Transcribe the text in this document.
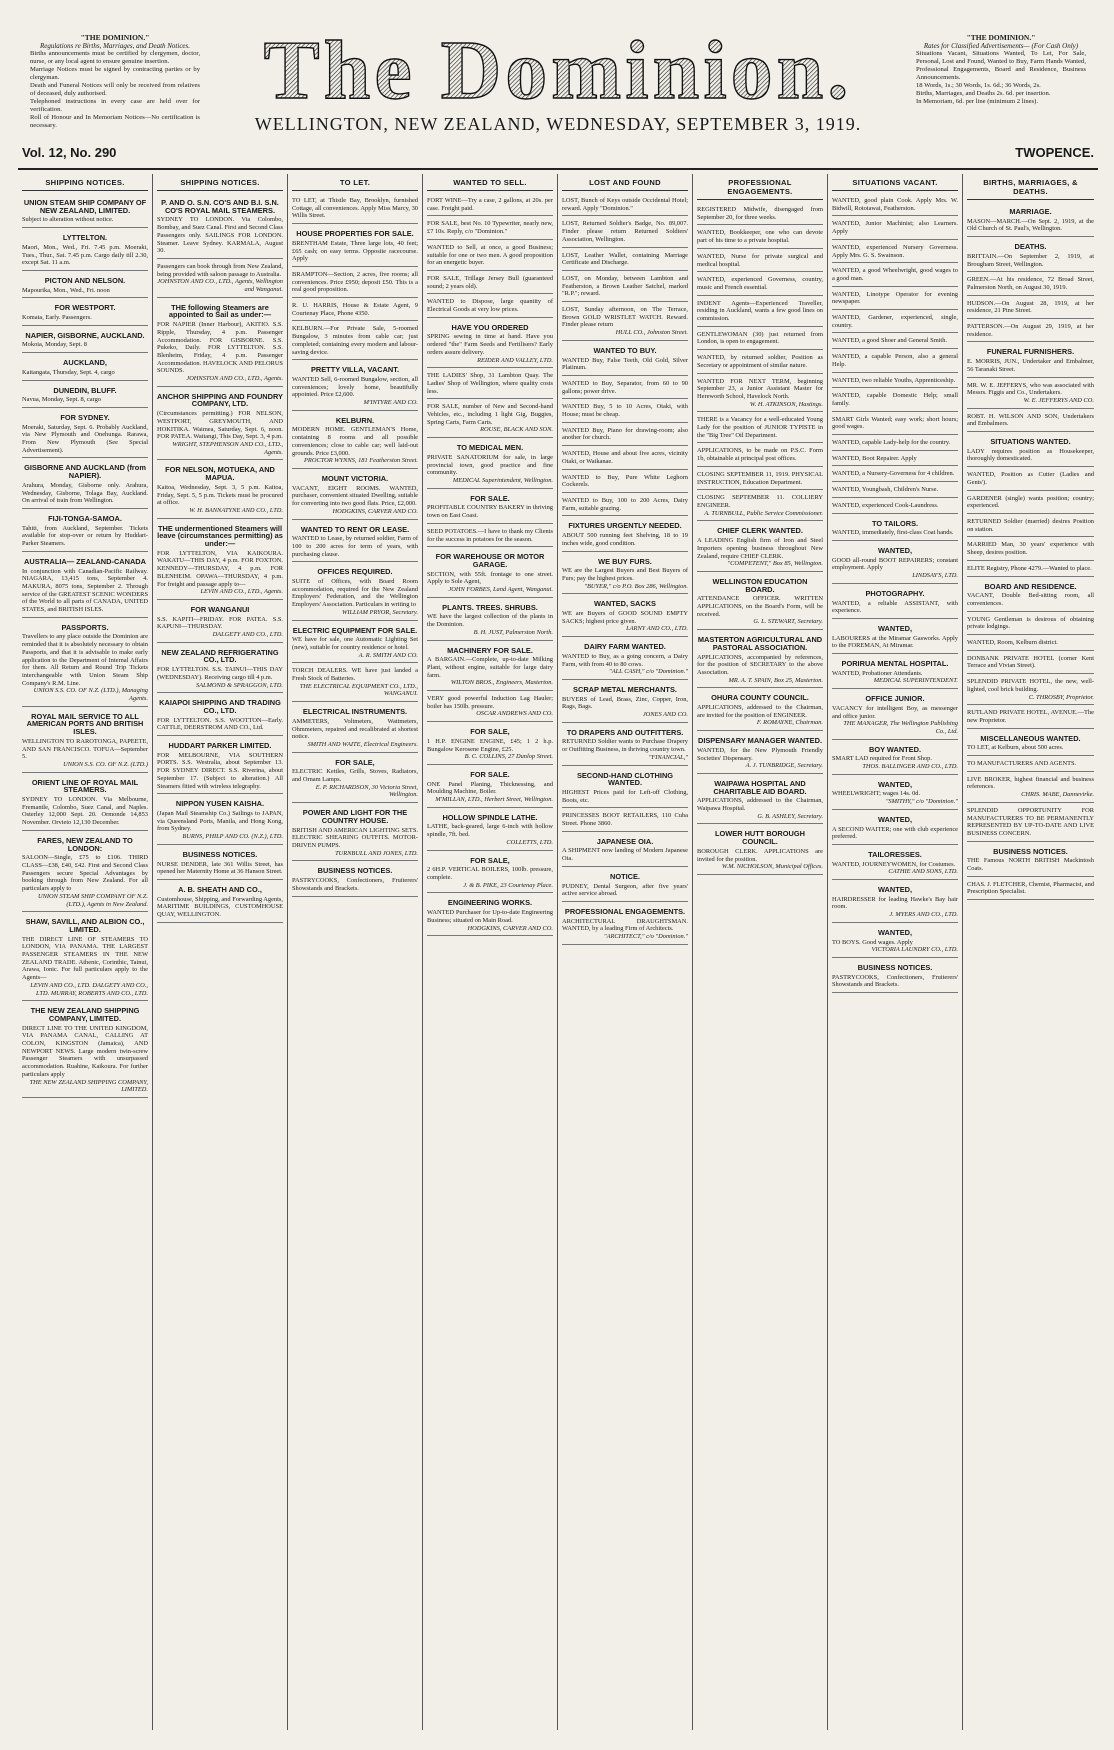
"THE DOMINION."
Regulations re Births, Marriages, and Death Notices.
Births announcements must be certified by clergymen, doctor, nurse, or any local agent to ensure genuine insertion.
Marriage Notices must be signed by contracting parties or by clergyman.
Death and Funeral Notices will only be received from relatives of deceased, duly authorised.
Telephoned instructions in every case are held over for verification.
Roll of Honour and In Memoriam Notices—No certification is necessary.
The Dominion.	"THE DOMINION."
Rates for Classified Advertisements— (For Cash Only)
Situations Vacant, Situations Wanted, To Let, For Sale, Personal, Lost and Found, Wanted to Buy, Farm Hands Wanted, Professional Engagements, Board and Residence, Business Announcements.
18 Words, 1s.; 30 Words, 1s. 6d.; 36 Words, 2s.
Births, Marriages, and Deaths 2s. 6d. per insertion.
In Memoriam, 6d. per line (minimum 2 lines).
WELLINGTON, NEW ZEALAND, WEDNESDAY, SEPTEMBER 3, 1919.
Vol. 12, No. 290	TWOPENCE.
SHIPPING NOTICES.
UNION STEAM SHIP COMPANY OF NEW ZEALAND, LIMITED.
Subject to alteration without notice.
LYTTELTON.
Maori, Mon., Wed., Fri. 7.45 p.m. Moeraki, Tues., Thur., Sat. 7.45 p.m. Cargo daily till 2.30, except Sat. 11 a.m.
PICTON AND NELSON.
Mapourika, Mon., Wed., Fri. noon
FOR WESTPORT.
Komata, Early. Passengers.
NAPIER, GISBORNE, AUCKLAND.
Mokoia, Monday, Sept. 8
AUCKLAND,
Kaitangata, Thursday, Sept. 4, cargo
DUNEDIN, BLUFF.
Navua, Monday, Sept. 8, cargo
FOR SYDNEY.
Moeraki, Saturday, Sept. 6. Probably Auckland, via New Plymouth and Onehunga. Rarawa, From New Plymouth (See Special Advertisement).
GISBORNE AND AUCKLAND (from NAPIER).
Arahura, Monday, Gisborne only. Arahura, Wednesday, Gisborne, Tolaga Bay, Auckland. On arrival of train from Wellington.
FIJI-TONGA-SAMOA.
Tahiti, from Auckland, September. Tickets available for stop-over or return by Huddart-Parker Steamers.
AUSTRALIA— ZEALAND-CANADA
In conjunction with Canadian-Pacific Railway. NIAGARA, 13,415 tons, September 4. MAKURA, 8075 tons, September 2. Through service of the GREATEST SCENIC WONDERS of the World to all parts of CANADA, UNITED STATES, and BRITISH ISLES.
PASSPORTS.
Travellers to any place outside the Dominion are reminded that it is absolutely necessary to obtain Passports, and that it is advisable to make early application to the Department of Internal Affairs for them. All Return and Round Trip Tickets interchangeable with Union Steam Ship Company's R.M. Line.
UNION S.S. CO. OF N.Z. (LTD.), Managing Agents.
ROYAL MAIL SERVICE TO ALL AMERICAN PORTS AND BRITISH ISLES.
WELLINGTON TO RAROTONGA, PAPEETE, AND SAN FRANCISCO. TOFUA—September 5.
UNION S.S. CO. OF N.Z. (LTD.)
ORIENT LINE OF ROYAL MAIL STEAMERS.
SYDNEY TO LONDON. Via Melbourne, Fremantle, Colombo, Suez Canal, and Naples. Osterley 12,000 Sept. 20. Ormonde 14,853 November. Orvieto 12,130 December.
FARES, NEW ZEALAND TO LONDON:
SALOON—Single, £75 to £106. THIRD CLASS—£38, £40, £42. First and Second Class Passengers secure Special Advantages by booking through from New Zealand. For all particulars apply to
UNION STEAM SHIP COMPANY OF N.Z. (LTD.), Agents in New Zealand.
SHAW, SAVILL, AND ALBION CO., LIMITED.
THE DIRECT LINE OF STEAMERS TO LONDON, VIA PANAMA. THE LARGEST PASSENGER STEAMERS IN THE NEW ZEALAND TRADE. Athenic, Corinthic, Tainui, Arawa, Ionic. For full particulars apply to the Agents—
LEVIN AND CO., LTD. DALGETY AND CO., LTD. MURRAY, ROBERTS AND CO., LTD.
THE NEW ZEALAND SHIPPING COMPANY, LIMITED.
DIRECT LINE TO THE UNITED KINGDOM, VIA PANAMA CANAL, CALLING AT COLON, KINGSTON (Jamaica), AND NEWPORT NEWS. Large modern twin-screw Passenger Steamers with unsurpassed accommodation. Ruahine, Kaikoura. For further particulars apply
THE NEW ZEALAND SHIPPING COMPANY, LIMITED.
SHIPPING NOTICES.
P. AND O. S.N. CO'S AND B.I. S.N. CO'S ROYAL MAIL STEAMERS.
SYDNEY TO LONDON. Via Colombo, Bombay, and Suez Canal. First and Second Class Passengers only. SAILINGS FOR LONDON. Steamer. Leave Sydney. KARMALA, August 30.
Passengers can book through from New Zealand, being provided with saloon passage to Australia.
JOHNSTON AND CO., LTD., Agents, Wellington and Wanganui.
THE following Steamers are appointed to Sail as under:—
FOR NAPIER (Inner Harbour), AKITIO. S.S. Ripple, Thursday, 4 p.m. Passenger Accommodation. FOR GISBORNE. S.S. Pukeko, Daily. FOR LYTTELTON. S.S. Blenheim, Friday, 4 p.m. Passenger Accommodation. HAVELOCK AND PELORUS SOUNDS.
JOHNSTON AND CO., LTD., Agents.
ANCHOR SHIPPING AND FOUNDRY COMPANY, LTD.
(Circumstances permitting.) FOR NELSON, WESTPORT, GREYMOUTH, AND HOKITIKA. Waimea, Saturday, Sept. 6, noon. FOR PATEA. Waitangi, This Day, Sept. 3, 4 p.m.
WRIGHT, STEPHENSON AND CO., LTD., Agents.
FOR NELSON, MOTUEKA, AND MAPUA.
Kaitoa, Wednesday, Sept. 3, 5 p.m. Kaitoa, Friday, Sept. 5, 5 p.m. Tickets must be procured at office.
W. H. BANNATYNE AND CO., LTD.
THE undermentioned Steamers will leave (circumstances permitting) as under:—
FOR LYTTELTON, VIA KAIKOURA. WAKATU—THIS DAY, 4 p.m. FOR FOXTON. KENNEDY—THURSDAY, 4 p.m. FOR BLENHEIM. OPAWA—THURSDAY, 4 p.m. For freight and passage apply to—
LEVIN AND CO., LTD., Agents.
FOR WANGANUI
S.S. KAPITI—FRIDAY. FOR PATEA. S.S. KAPUNI—THURSDAY.
DALGETY AND CO., LTD.
NEW ZEALAND REFRIGERATING CO., LTD.
FOR LYTTELTON. S.S. TAINUI—THIS DAY (WEDNESDAY). Receiving cargo till 4 p.m.
SALMOND & SPRAGGON, LTD.
KAIAPOI SHIPPING AND TRADING CO., LTD.
FOR LYTTELTON. S.S. WOOTTON—Early. CATTLE, DEERSTROM AND CO., Ltd.
HUDDART PARKER LIMITED.
FOR MELBOURNE, VIA SOUTHERN PORTS. S.S. Westralia, about September 13. FOR SYDNEY DIRECT. S.S. Riverina, about September 17. (Subject to alteration.) All Steamers fitted with wireless telegraphy.
NIPPON YUSEN KAISHA.
(Japan Mail Steamship Co.) Sailings to JAPAN, via Queensland Ports, Manila, and Hong Kong, from Sydney.
BURNS, PHILP AND CO. (N.Z.), LTD.
BUSINESS NOTICES.
NURSE DENDER, late 361 Willis Street, has opened her Maternity Home at 36 Hanson Street.
A. B. SHEATH AND CO.,
Customhouse, Shipping, and Forwarding Agents, MARITIME BUILDINGS, CUSTOMHOUSE QUAY, WELLINGTON.
TO LET.
TO LET, at Thistle Bay, Brooklyn, furnished Cottage, all conveniences. Apply Miss Marcy, 30 Willis Street.
HOUSE PROPERTIES FOR SALE.
BRENTHAM Estate, Three large lots, 40 feet; £65 cash; on easy terms. Opposite racecourse. Apply
BRAMPTON—Section, 2 acres, five rooms; all conveniences. Price £950; deposit £50. This is a real good proposition.
R. U. HARRIS, House & Estate Agent, 9 Courtenay Place, Phone 4350.
KELBURN.—For Private Sale, 5-roomed Bungalow, 3 minutes from cable car; just completed; containing every modern and labour-saving device.
PRETTY VILLA, VACANT.
WANTED Sell, 6-roomed Bungalow, section, all conveniences; lovely home, beautifully appointed. Price £2,600.
M'INTYRE AND CO.
KELBURN.
MODERN HOME. GENTLEMAN'S Home, containing 8 rooms and all possible conveniences; close to cable car; well laid-out grounds. Price £3,000.
PROCTOR WYNNS, 181 Featherston Street.
MOUNT VICTORIA.
VACANT, EIGHT ROOMS. WANTED, purchaser, convenient situated Dwelling, suitable for converting into two good flats. Price, £2,000.
HODGKINS, CARVER AND CO.
WANTED TO RENT OR LEASE.
WANTED to Lease, by returned soldier, Farm of 100 to 200 acres for term of years, with purchasing clause.
OFFICES REQUIRED.
SUITE of Offices, with Board Room accommodation, required for the New Zealand Employers' Federation, and the Wellington Employers' Association. Particulars in writing to
WILLIAM PRYOR, Secretary.
ELECTRIC EQUIPMENT FOR SALE.
WE have for sale, one Automatic Lighting Set (new), suitable for country residence or hotel.
A. R. SMITH AND CO.
TORCH DEALERS. WE have just landed a Fresh Stock of Batteries.
THE ELECTRICAL EQUIPMENT CO., LTD., WANGANUI.
ELECTRICAL INSTRUMENTS.
AMMETERS, Voltmeters, Wattmeters, Ohmmeters, repaired and recalibrated at shortest notice.
SMITH AND WAITE, Electrical Engineers.
FOR SALE,
ELECTRIC Kettles, Grills, Stoves, Radiators, and Ornam Lamps.
E. P. RICHARDSON, 30 Victoria Street, Wellington.
POWER AND LIGHT FOR THE COUNTRY HOUSE.
BRITISH AND AMERICAN LIGHTING SETS. ELECTRIC SHEARING OUTFITS. MOTOR-DRIVEN PUMPS.
TURNBULL AND JONES, LTD.
BUSINESS NOTICES.
PASTRYCOOKS, Confectioners, Fruiterers' Showstands and Brackets.
WANTED TO SELL.
FORT WINE—Try a case, 2 gallons, at 20s. per case. Freight paid.
FOR SALE, best No. 10 Typewriter, nearly new, £7 10s. Reply, c/o "Dominion."
WANTED to Sell, at once, a good Business; suitable for one or two men. A good proposition for an energetic buyer.
FOR SALE, Trillage Jersey Bull (guaranteed sound; 2 years old).
WANTED to Dispose, large quantity of Electrical Goods at very low prices.
HAVE YOU ORDERED
SPRING sewing in time at hand. Have you ordered "the" Farm Seeds and Fertilisers? Early orders assure delivery.
REIDER AND VALLEY, LTD.
THE LADIES' Shop, 31 Lambton Quay. The Ladies' Shop of Wellington, where quality costs less.
FOR SALE, number of New and Second-hand Vehicles, etc., including 1 light Gig, Buggies, Spring Carts, Farm Carts.
ROUSE, BLACK AND SON.
TO MEDICAL MEN.
PRIVATE SANATORIUM for sale, in large provincial town, good practice and fine community.
MEDICAL Superintendent, Wellington.
FOR SALE.
PROFITABLE COUNTRY BAKERY in thriving town on East Coast.
SEED POTATOES.—I have to thank my Clients for the success in potatoes for the season.
FOR WAREHOUSE OR MOTOR GARAGE.
SECTION, with 55ft. frontage to one street. Apply to Sole Agent,
JOHN FORBES, Land Agent, Wanganui.
PLANTS. TREES. SHRUBS.
WE have the largest collection of the plants in the Dominion.
B. H. JUST, Palmerston North.
MACHINERY FOR SALE.
A BARGAIN.—Complete, up-to-date Milking Plant, without engine, suitable for large dairy farm.
WILTON BROS., Engineers, Masterton.
VERY good powerful Induction Lag Hauler; boiler has 150lb. pressure.
OSCAR ANDREWS AND CO.
FOR SALE,
1 H.P. ENGINE ENGINE, £45; 1 2 h.p. Bungalow Kerosene Engine, £25.
B. C. COLLINS, 27 Dunlop Street.
FOR SALE.
ONE Panel Planing, Thicknessing, and Moulding Machine, Boiler.
M'MILLAN, LTD., Herbert Street, Wellington.
HOLLOW SPINDLE LATHE.
LATHE, back-geared, large 6-inch with hollow spindle, 7ft. bed.
COLLETTS, LTD.
FOR SALE,
2 6H.P. VERTICAL BOILERS, 100lb. pressure, complete.
J. & B. PIKE, 23 Courtenay Place.
ENGINEERING WORKS.
WANTED Purchaser for Up-to-date Engineering Business; situated on Main Road.
HODGKINS, CARVER AND CO.
LOST AND FOUND
LOST, Bunch of Keys outside Occidental Hotel; reward. Apply "Dominion."
LOST, Returned Soldier's Badge, No. 89,007. Finder please return Returned Soldiers' Association, Wellington.
LOST, Leather Wallet, containing Marriage Certificate and Discharge.
LOST, on Monday, between Lambton and Featherston, a Brown Leather Satchel, marked "R.P."; reward.
LOST, Sunday afternoon, on The Terrace, Brown GOLD WRISTLET WATCH. Reward. Finder please return
HULL CO., Johnston Street.
WANTED TO BUY.
WANTED Buy, False Teeth, Old Gold, Silver Platinum.
WANTED to Buy, Separator, from 60 to 90 gallons; power drive.
WANTED Buy, 5 to 10 Acres, Otaki, with House; must be cheap.
WANTED Buy, Piano for drawing-room; also another for church.
WANTED, House and about five acres, vicinity Otaki, or Waikanae.
WANTED to Buy, Pure White Leghorn Cockerels.
WANTED to Buy, 100 to 200 Acres, Dairy Farm, suitable grazing.
FIXTURES URGENTLY NEEDED.
ABOUT 500 running feet Shelving, 18 to 19 inches wide, good condition.
WE BUY FURS.
WE are the Largest Buyers and Best Buyers of Furs; pay the highest prices.
"BUYER," c/o P.O. Box 286, Wellington.
WANTED, SACKS
WE are Buyers of GOOD SOUND EMPTY SACKS; highest price given.
LARNY AND CO., LTD.
DAIRY FARM WANTED.
WANTED to Buy, as a going concern, a Dairy Farm, with from 40 to 80 cows.
"ALL CASH," c/o "Dominion."
SCRAP METAL MERCHANTS.
BUYERS of Lead, Brass, Zinc, Copper, Iron, Rags, Bags.
JONES AND CO.
TO DRAPERS AND OUTFITTERS.
RETURNED Soldier wants to Purchase Drapery or Outfitting Business, in thriving country town.
"FINANCIAL,"
SECOND-HAND CLOTHING WANTED.
HIGHEST Prices paid for Left-off Clothing, Boots, etc.
PRINCESSES BOOT RETAILERS, 110 Cuba Street. Phone 3860.
JAPANESE OIA.
A SHIPMENT now landing of Modern Japanese Oia.
NOTICE.
PUDNEY, Dental Surgeon, after five years' active service abroad.
PROFESSIONAL ENGAGEMENTS.
ARCHITECTURAL DRAUGHTSMAN. WANTED, by a leading Firm of Architects.
"ARCHITECT," c/o "Dominion."
PROFESSIONAL ENGAGEMENTS.
REGISTERED Midwife, disengaged from September 20, for three weeks.
WANTED, Bookkeeper, one who can devote part of his time to a private hospital.
WANTED, Nurse for private surgical and medical hospital.
WANTED, experienced Governess, country, music and French essential.
INDENT Agents—Experienced Traveller, residing in Auckland, wants a few good lines on commission.
GENTLEWOMAN (30) just returned from London, is open to engagement.
WANTED, by returned soldier, Position as Secretary or appointment of similar nature.
WANTED FOR NEXT TERM, beginning September 23, a Junior Assistant Master for Hereworth School, Havelock North.
W. H. ATKINSON, Hastings.
THERE is a Vacancy for a well-educated Young Lady for the position of JUNIOR TYPISTE in the "Big Tree" Oil Department.
APPLICATIONS, to be made on P.S.C. Form 1b, obtainable at principal post offices.
CLOSING SEPTEMBER 11, 1919. PHYSICAL INSTRUCTION, Education Department.
CLOSING SEPTEMBER 11. COLLIERY ENGINEER.
A. TURNBULL, Public Service Commissioner.
CHIEF CLERK WANTED.
A LEADING English firm of Iron and Steel Importers opening business throughout New Zealand, require CHIEF CLERK.
"COMPETENT," Box 85, Wellington.
WELLINGTON EDUCATION BOARD.
ATTENDANCE OFFICER. WRITTEN APPLICATIONS, on the Board's Form, will be received.
G. L. STEWART, Secretary.
MASTERTON AGRICULTURAL AND PASTORAL ASSOCIATION.
APPLICATIONS, accompanied by references, for the position of SECRETARY to the above Association.
MR. A. T. SPAIN, Box 25, Masterton.
OHURA COUNTY COUNCIL.
APPLICATIONS, addressed to the Chairman, are invited for the position of ENGINEER.
F. ROMAYNE, Chairman.
DISPENSARY MANAGER WANTED.
WANTED, for the New Plymouth Friendly Societies' Dispensary.
A. J. TUNBRIDGE, Secretary.
WAIPAWA HOSPITAL AND CHARITABLE AID BOARD.
APPLICATIONS, addressed to the Chairman, Waipawa Hospital.
G. B. ASHLEY, Secretary.
LOWER HUTT BOROUGH COUNCIL.
BOROUGH CLERK. APPLICATIONS are invited for the position.
W.M. NICHOLSON, Municipal Offices.
SITUATIONS VACANT.
WANTED, good plain Cook. Apply Mrs. W. Bidwill, Rototawai, Featherston.
WANTED, Junior Machinist; also Learners. Apply
WANTED, experienced Nursery Governess. Apply Mrs. G. S. Swainson.
WANTED, a good Wheelwright, good wages to a good man.
WANTED, Linotype Operator for evening newspaper.
WANTED, Gardener, experienced, single, country.
WANTED, a good Shoer and General Smith.
WANTED, a capable Person, also a general Help.
WANTED, two reliable Youths, Apprenticeship.
WANTED, capable Domestic Help; small family.
SMART Girls Wanted; easy work; short hours; good wages.
WANTED, capable Lady-help for the country.
WANTED, Boot Repairer. Apply
WANTED, a Nursery-Governess for 4 children.
WANTED, Youngbash, Children's Nurse.
WANTED, experienced Cook-Laundress.
TO TAILORS.
WANTED, immediately, first-class Coat hands.
WANTED,
GOOD all-round BOOT REPAIRERS; constant employment. Apply
LINDSAY'S, LTD.
PHOTOGRAPHY.
WANTED, a reliable ASSISTANT, with experience.
WANTED,
LABOURERS at the Miramar Gasworks. Apply to the FOREMAN, At Miramar.
PORIRUA MENTAL HOSPITAL.
WANTED, Probationer Attendants.
MEDICAL SUPERINTENDENT.
OFFICE JUNIOR.
VACANCY for intelligent Boy, as messenger and office junior.
THE MANAGER, The Wellington Publishing Co., Ltd.
BOY WANTED.
SMART LAD required for Front Shop.
THOS. BALLINGER AND CO., LTD.
WANTED,
WHEELWRIGHT; wages 14s. 0d.
"SMITHY," c/o "Dominion."
WANTED,
A SECOND WAITER; one with club experience preferred.
TAILORESSES.
WANTED, JOURNEYWOMEN, for Costumes.
CATHIE AND SONS, LTD.
WANTED,
HAIRDRESSER for leading Hawke's Bay hair room.
J. MYERS AND CO., LTD.
WANTED,
TO BOYS. Good wages. Apply
VICTORIA LAUNDRY CO., LTD.
BUSINESS NOTICES.
PASTRYCOOKS, Confectioners, Fruiterers' Showstands and Brackets.
BIRTHS, MARRIAGES, & DEATHS.
MARRIAGE.
MASON—MARCH.—On Sept. 2, 1919, at the Old Church of St. Paul's, Wellington.
DEATHS.
BRITTAIN.—On September 2, 1919, at Brougham Street, Wellington.
GREEN.—At his residence, 72 Broad Street, Palmerston North, on August 30, 1919.
HUDSON.—On August 28, 1919, at her residence, 21 Pine Street.
PATTERSON.—On August 29, 1919, at her residence.
FUNERAL FURNISHERS.
E. MORRIS, JUN., Undertaker and Embalmer, 56 Taranaki Street.
MR. W. E. JEFFERYS, who was associated with Messrs. Figgis and Co., Undertakers.
W. E. JEFFERYS AND CO.
ROBT. H. WILSON AND SON, Undertakers and Embalmers.
SITUATIONS WANTED.
LADY requires position as Housekeeper, thoroughly domesticated.
WANTED, Position as Cutter (Ladies and Gents').
GARDENER (single) wants position; country; experienced.
RETURNED Soldier (married) desires Position on station.
MARRIED Man, 30 years' experience with Sheep, desires position.
ELITE Registry, Phone 4279.—Wanted to place.
BOARD AND RESIDENCE.
VACANT, Double Bed-sitting room, all conveniences.
YOUNG Gentleman is desirous of obtaining private lodgings.
WANTED, Room, Kelburn district.
DONBANK PRIVATE HOTEL (corner Kent Terrace and Vivian Street).
SPLENDID PRIVATE HOTEL, the new, well-lighted, cool brick building.
C. THROSBY, Proprietor.
RUTLAND PRIVATE HOTEL, AVENUE.—The new Proprietor.
MISCELLANEOUS WANTED.
TO LET, at Kelburn, about 500 acres.
TO MANUFACTURERS AND AGENTS.
LIVE BROKER, highest financial and business references.
CHRIS. MABE, Dannevirke.
SPLENDID OPPORTUNITY FOR MANUFACTURERS TO BE PERMANENTLY REPRESENTED BY UP-TO-DATE AND LIVE BUSINESS CONCERN.
BUSINESS NOTICES.
THE Famous NORTH BRITISH Mackintosh Coats.
CHAS. J. FLETCHER, Chemist, Pharmacist, and Prescription Specialist.
